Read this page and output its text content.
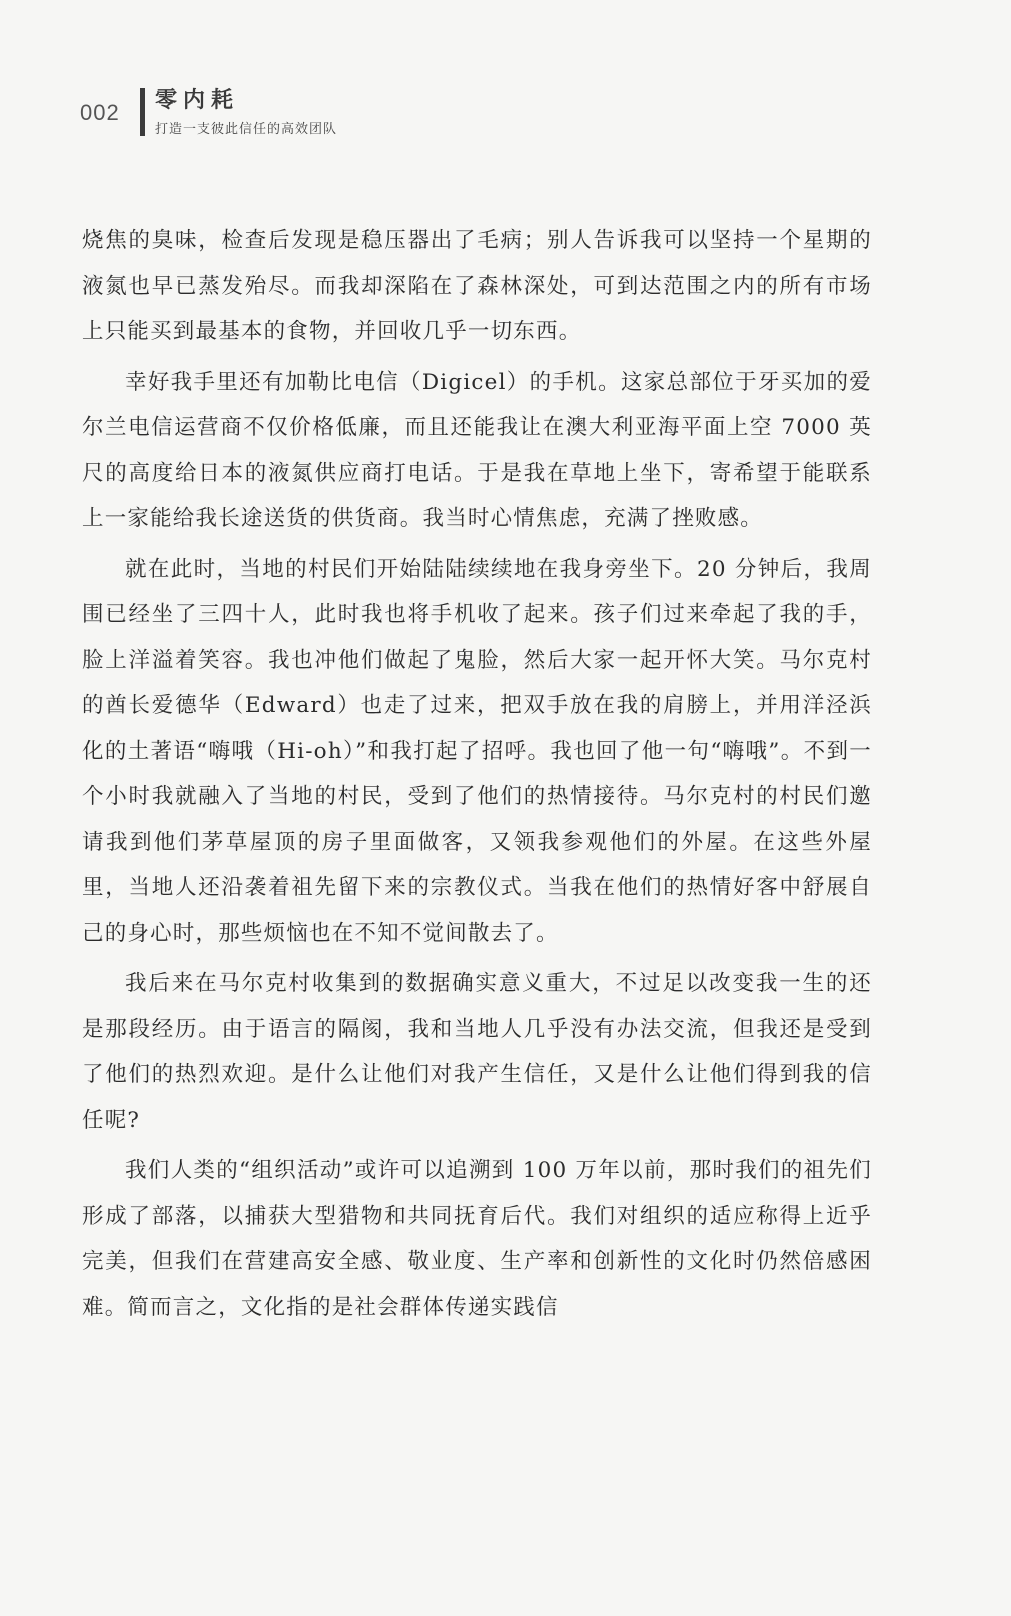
002	零内耗
打造一支彼此信任的高效团队

烧焦的臭味，检查后发现是稳压器出了毛病；别人告诉我可以坚持一个星期的液氮也早已蒸发殆尽。而我却深陷在了森林深处，可到达范围之内的所有市场上只能买到最基本的食物，并回收几乎一切东西。

幸好我手里还有加勒比电信（Digicel）的手机。这家总部位于牙买加的爱尔兰电信运营商不仅价格低廉，而且还能我让在澳大利亚海平面上空 7000 英尺的高度给日本的液氮供应商打电话。于是我在草地上坐下，寄希望于能联系上一家能给我长途送货的供货商。我当时心情焦虑，充满了挫败感。

就在此时，当地的村民们开始陆陆续续地在我身旁坐下。20 分钟后，我周围已经坐了三四十人，此时我也将手机收了起来。孩子们过来牵起了我的手，脸上洋溢着笑容。我也冲他们做起了鬼脸，然后大家一起开怀大笑。马尔克村的酋长爱德华（Edward）也走了过来，把双手放在我的肩膀上，并用洋泾浜化的土著语“嗨哦（Hi-oh）”和我打起了招呼。我也回了他一句“嗨哦”。不到一个小时我就融入了当地的村民，受到了他们的热情接待。马尔克村的村民们邀请我到他们茅草屋顶的房子里面做客，又领我参观他们的外屋。在这些外屋里，当地人还沿袭着祖先留下来的宗教仪式。当我在他们的热情好客中舒展自己的身心时，那些烦恼也在不知不觉间散去了。

我后来在马尔克村收集到的数据确实意义重大，不过足以改变我一生的还是那段经历。由于语言的隔阂，我和当地人几乎没有办法交流，但我还是受到了他们的热烈欢迎。是什么让他们对我产生信任，又是什么让他们得到我的信任呢?

我们人类的“组织活动”或许可以追溯到 100 万年以前，那时我们的祖先们形成了部落，以捕获大型猎物和共同抚育后代。我们对组织的适应称得上近乎完美，但我们在营建高安全感、敬业度、生产率和创新性的文化时仍然倍感困难。简而言之，文化指的是社会群体传递实践信
